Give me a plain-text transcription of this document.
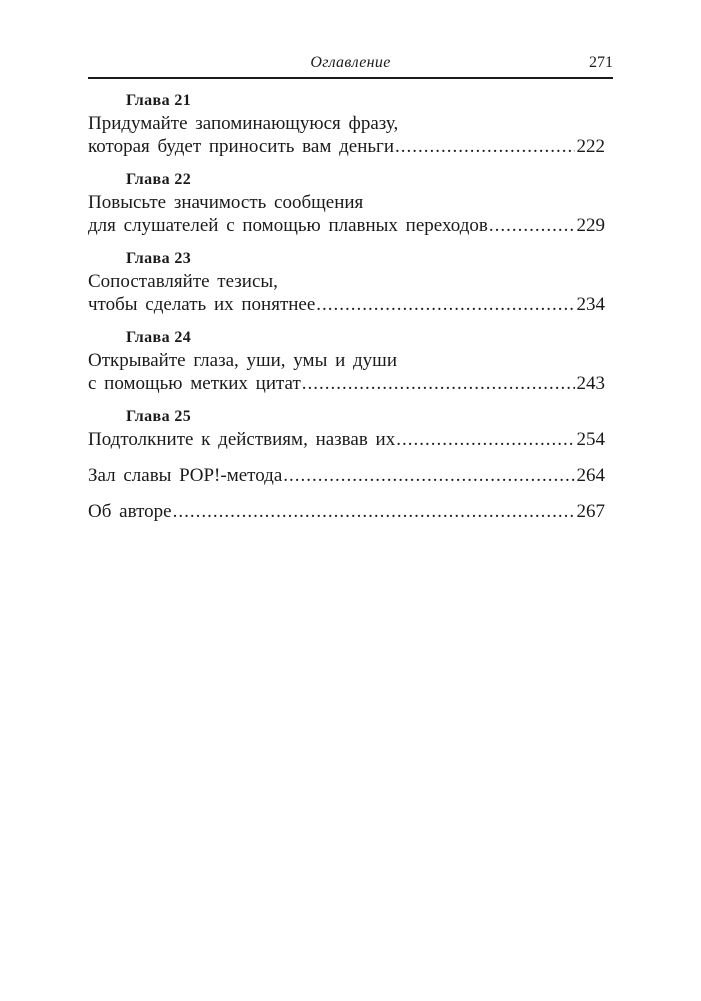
Оглавление	271
Глава 21
Придумайте запоминающуюся фразу,
которая будет приносить вам деньги .....	222
Глава 22
Повысьте значимость сообщения
для слушателей с помощью плавных переходов .....	229
Глава 23
Сопоставляйте тезисы,
чтобы сделать их понятнее .....	234
Глава 24
Открывайте глаза, уши, умы и души
с помощью метких цитат .....	243
Глава 25
Подтолкните к действиям, назвав их .....	254
Зал славы POP!-метода .....	264
Об авторе .....	267
